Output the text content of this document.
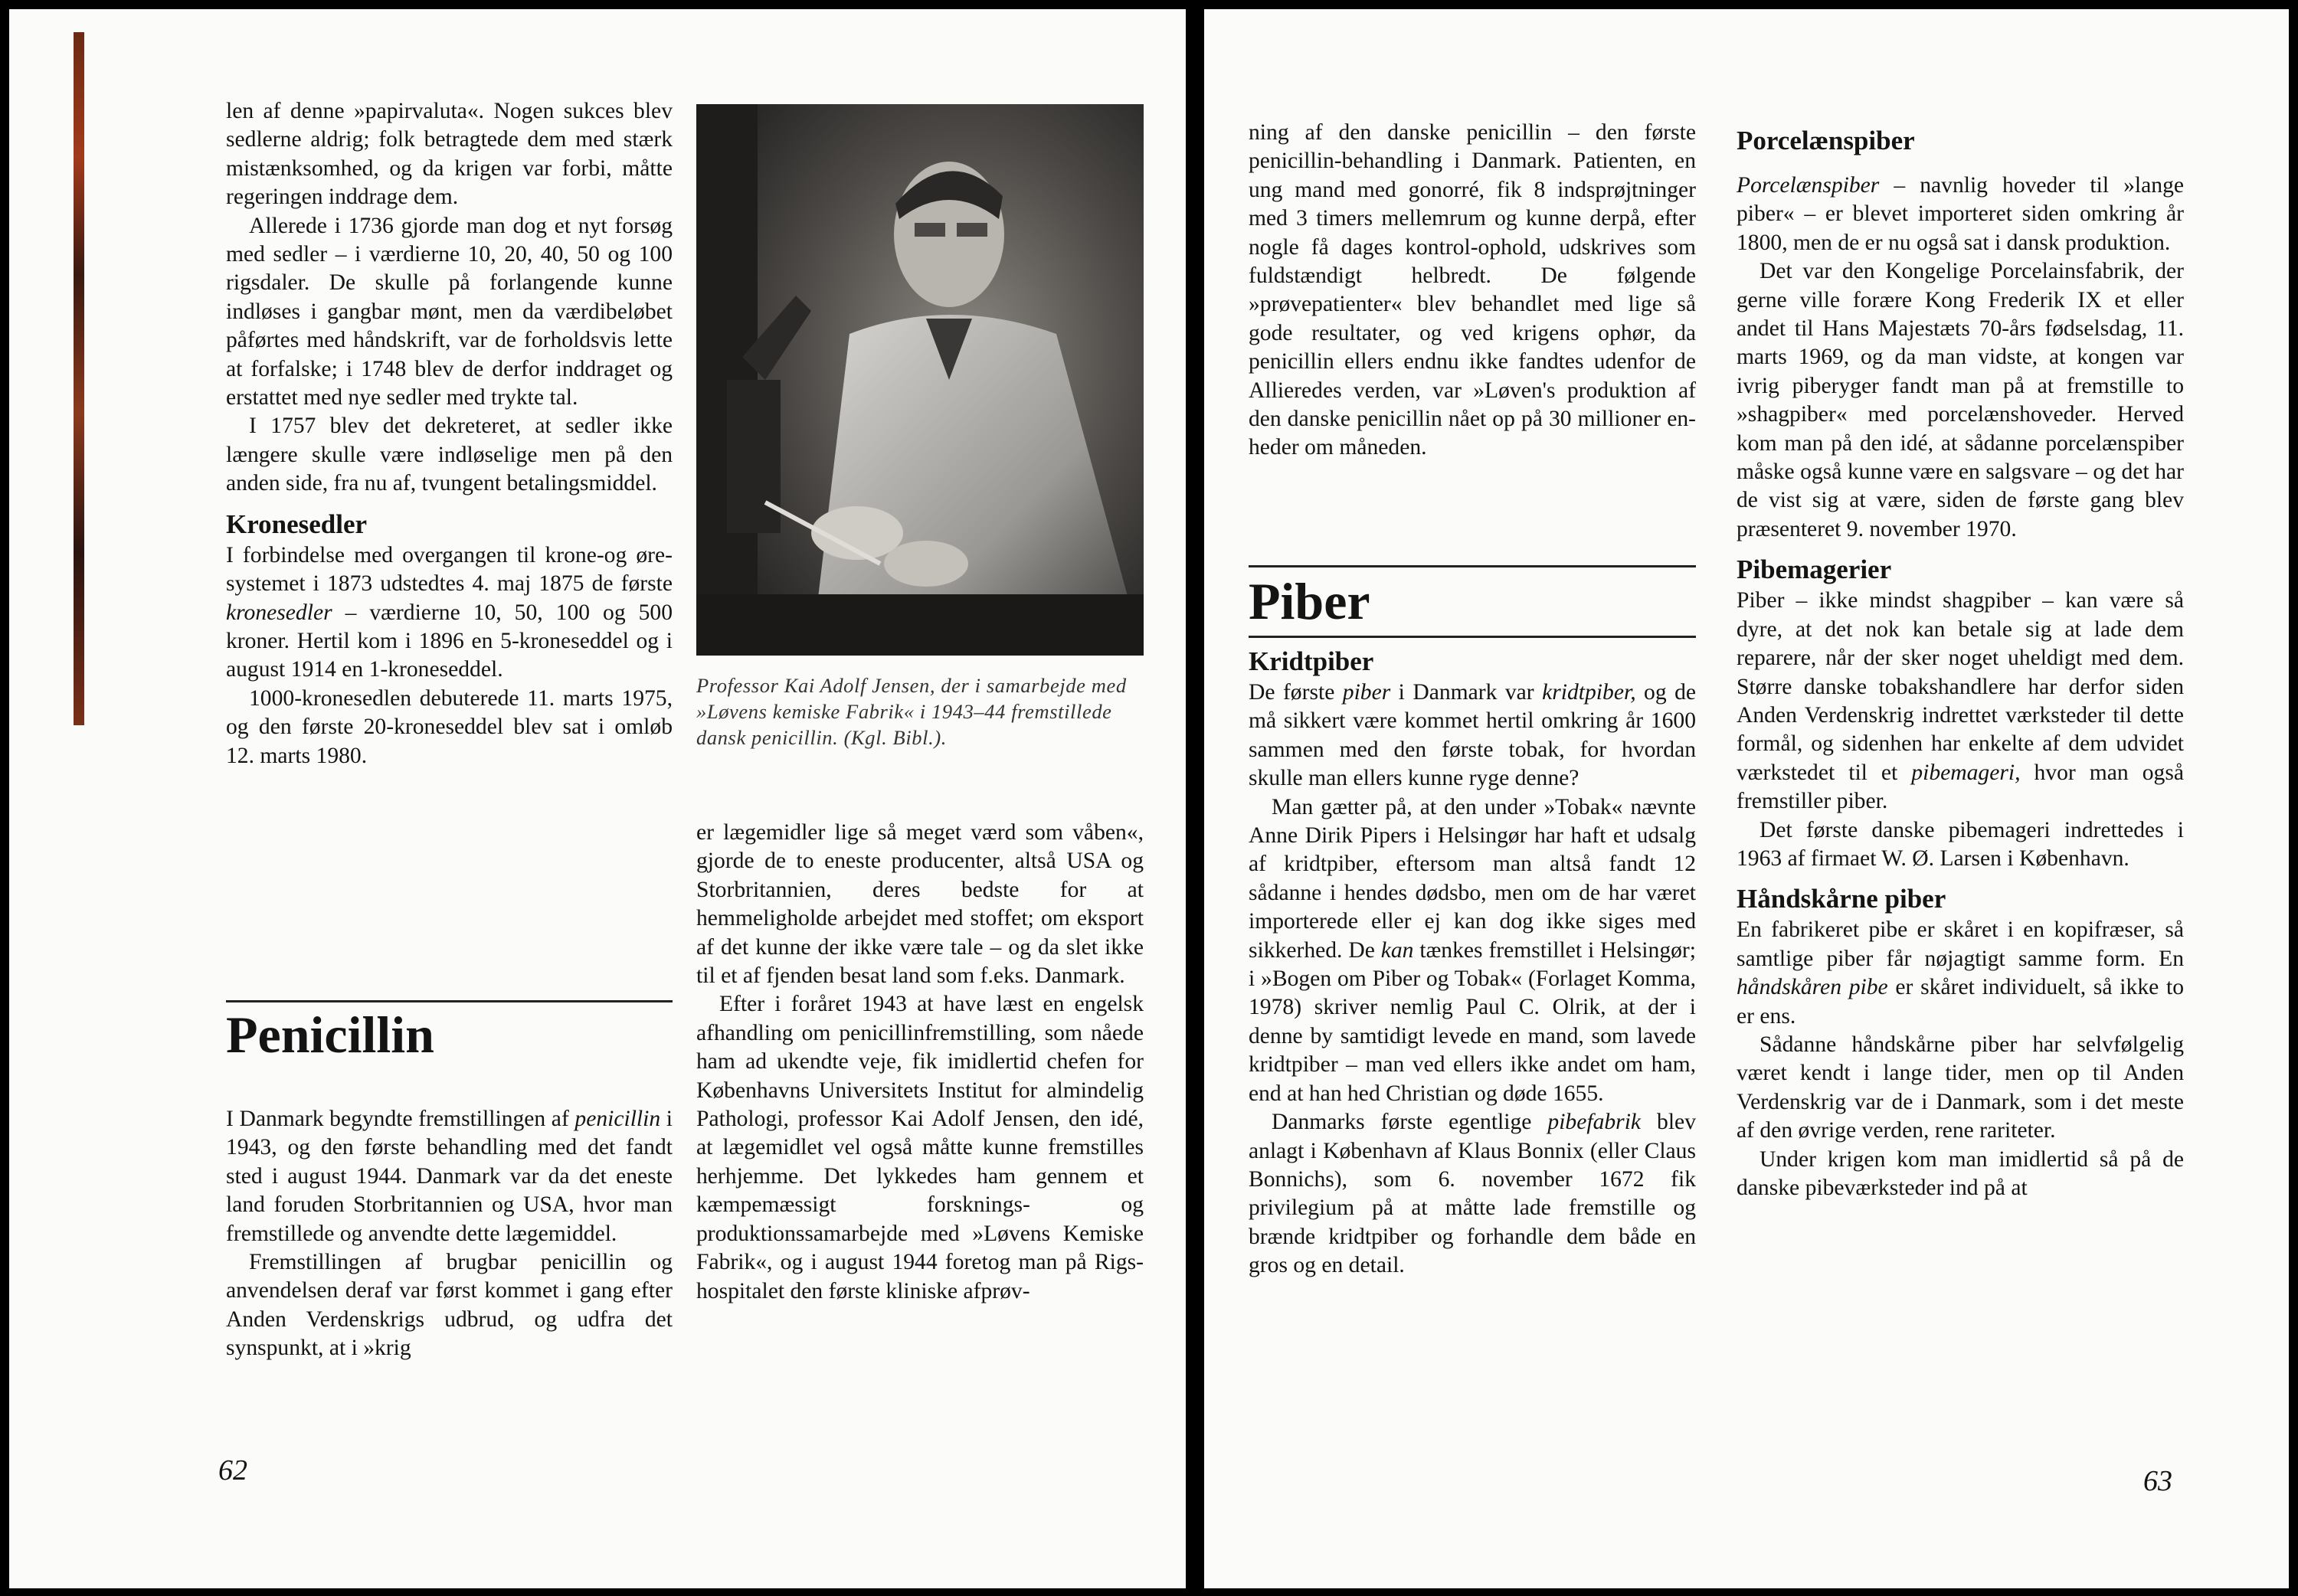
len af denne »papirvaluta«. Nogen sukces blev sedlerne aldrig; folk betragtede dem med stærk mistænksomhed, og da krigen var forbi, måtte regeringen inddrage dem.

Allerede i 1736 gjorde man dog et nyt forsøg med sedler – i værdierne 10, 20, 40, 50 og 100 rigsdaler. De skulle på forlangende kunne indløses i gangbar mønt, men da værdibeløbet påførtes med håndskrift, var de forholdsvis lette at forfalske; i 1748 blev de derfor inddraget og erstattet med nye sedler med trykte tal.

I 1757 blev det dekreteret, at sedler ikke længere skulle være indløselige men på den anden side, fra nu af, tvungent betalingsmiddel.

Kronesedler

I forbindelse med overgangen til krone-og øre-systemet i 1873 udstedtes 4. maj 1875 de første kronesedler – værdierne 10, 50, 100 og 500 kroner. Hertil kom i 1896 en 5-kroneseddel og i august 1914 en 1-kroneseddel.

1000-kronesedlen debuterede 11. marts 1975, og den første 20-kroneseddel blev sat i omløb 12. marts 1980.

Penicillin

I Danmark begyndte fremstillingen af penicillin i 1943, og den første behandling med det fandt sted i august 1944. Danmark var da det eneste land foruden Storbritannien og USA, hvor man fremstillede og anvendte dette lægemiddel.

Fremstillingen af brugbar penicillin og anvendelsen deraf var først kommet i gang efter Anden Verdenskrigs udbrud, og udfra det synspunkt, at i »krig

Professor Kai Adolf Jensen, der i samarbejde med »Løvens kemiske Fabrik« i 1943–44 fremstillede dansk penicillin. (Kgl. Bibl.).

er lægemidler lige så meget værd som våben«, gjorde de to eneste producenter, altså USA og Storbritannien, deres bedste for at hemmeligholde arbejdet med stoffet; om eksport af det kunne der ikke være tale – og da slet ikke til et af fjenden besat land som f.eks. Danmark.

Efter i foråret 1943 at have læst en engelsk afhandling om penicillinfremstilling, som nåede ham ad ukendte veje, fik imidlertid chefen for Københavns Universitets Institut for almindelig Pathologi, professor Kai Adolf Jensen, den idé, at lægemidlet vel også måtte kunne fremstilles herhjemme. Det lykkedes ham gennem et kæmpemæssigt forsknings- og produktionssamarbejde med »Løvens Kemiske Fabrik«, og i august 1944 foretog man på Rigshospitalet den første kliniske afprøv-

62

ning af den danske penicillin – den første penicillin-behandling i Danmark. Patienten, en ung mand med gonorré, fik 8 indsprøjtninger med 3 timers mellemrum og kunne derpå, efter nogle få dages kontrol-ophold, udskrives som fuldstændigt helbredt. De følgende »prøvepatienter« blev behandlet med lige så gode resultater, og ved krigens ophør, da penicillin ellers endnu ikke fandtes udenfor de Allieredes verden, var »Løven's produktion af den danske penicillin nået op på 30 millioner enheder om måneden.

Piber
Kridtpiber

De første piber i Danmark var kridtpiber, og de må sikkert være kommet hertil omkring år 1600 sammen med den første tobak, for hvordan skulle man ellers kunne ryge denne?

Man gætter på, at den under »Tobak« nævnte Anne Dirik Pipers i Helsingør har haft et udsalg af kridtpiber, eftersom man altså fandt 12 sådanne i hendes dødsbo, men om de har været importerede eller ej kan dog ikke siges med sikkerhed. De kan tænkes fremstillet i Helsingør; i »Bogen om Piber og Tobak« (Forlaget Komma, 1978) skriver nemlig Paul C. Olrik, at der i denne by samtidigt levede en mand, som lavede kridtpiber – man ved ellers ikke andet om ham, end at han hed Christian og døde 1655.

Danmarks første egentlige pibefabrik blev anlagt i København af Klaus Bonnix (eller Claus Bonnichs), som 6. november 1672 fik privilegium på at måtte lade fremstille og brænde kridtpiber og forhandle dem både en gros og en detail.

Porcelænspiber

Porcelænspiber – navnlig hoveder til »lange piber« – er blevet importeret siden omkring år 1800, men de er nu også sat i dansk produktion.

Det var den Kongelige Porcelainsfabrik, der gerne ville forære Kong Frederik IX et eller andet til Hans Majestæts 70-års fødselsdag, 11. marts 1969, og da man vidste, at kongen var ivrig piberyger fandt man på at fremstille to »shagpiber« med porcelænshoveder. Herved kom man på den idé, at sådanne porcelænspiber måske også kunne være en salgsvare – og det har de vist sig at være, siden de første gang blev præsenteret 9. november 1970.

Pibemagerier

Piber – ikke mindst shagpiber – kan være så dyre, at det nok kan betale sig at lade dem reparere, når der sker noget uheldigt med dem. Større danske tobakshandlere har derfor siden Anden Verdenskrig indrettet værksteder til dette formål, og sidenhen har enkelte af dem udvidet værkstedet til et pibemageri, hvor man også fremstiller piber.

Det første danske pibemageri indrettedes i 1963 af firmaet W. Ø. Larsen i København.

Håndskårne piber

En fabrikeret pibe er skåret i en kopifræser, så samtlige piber får nøjagtigt samme form. En håndskåren pibe er skåret individuelt, så ikke to er ens.

Sådanne håndskårne piber har selvfølgelig været kendt i lange tider, men op til Anden Verdenskrig var de i Danmark, som i det meste af den øvrige verden, rene rariteter.

Under krigen kom man imidlertid så på de danske pibeværksteder ind på at

63
